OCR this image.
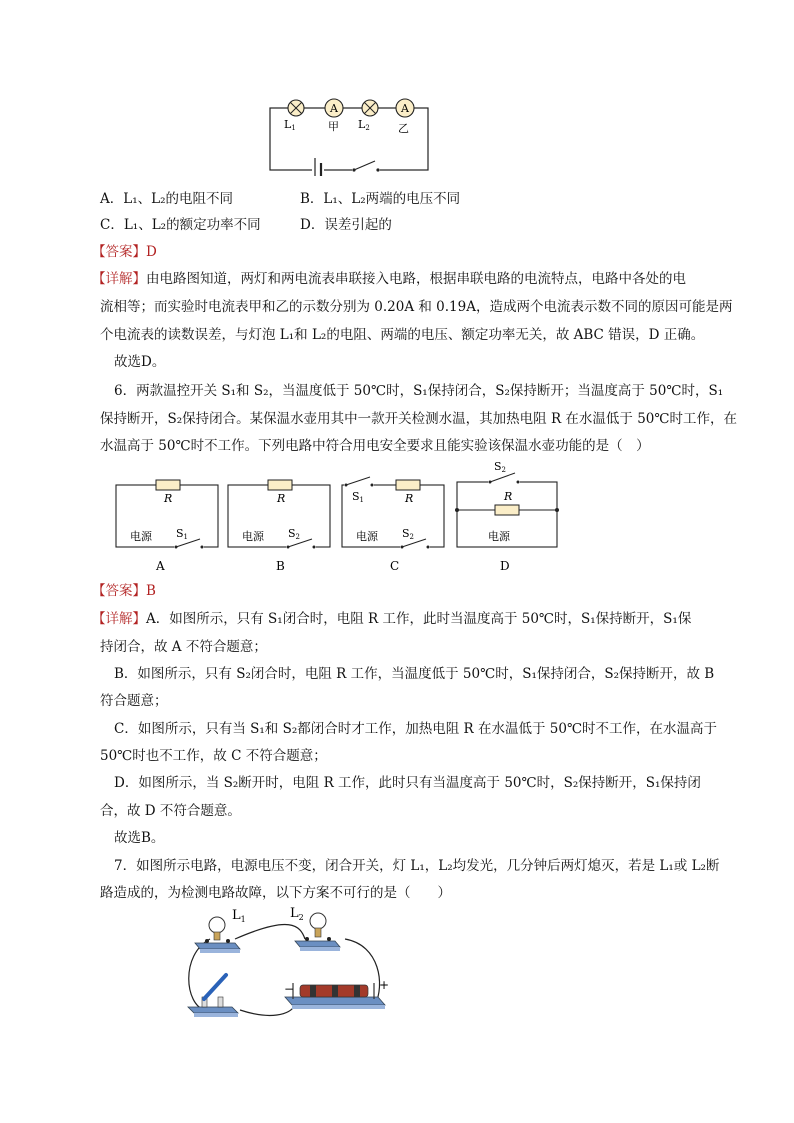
A	A
L1	甲 L2	乙
A．L₁、L₂的电阻不同	B．L₁、L₂两端的电压不同
C．L₁、L₂的额定功率不同	D．误差引起的
【答案】D
【详解】由电路图知道，两灯和两电流表串联接入电路，根据串联电路的电流特点，电路中各处的电
流相等；而实验时电流表甲和乙的示数分别为 0.20A 和 0.19A，造成两个电流表示数不同的原因可能是两
个电流表的读数误差，与灯泡 L₁和 L₂的电阻、两端的电压、额定功率无关，故 ABC 错误，D 正确。
故选D。
6．两款温控开关 S₁和 S₂，当温度低于 50℃时，S₁保持闭合，S₂保持断开；当温度高于 50℃时，S₁
保持断开，S₂保持闭合。某保温水壶用其中一款开关检测水温，其加热电阻 R 在水温低于 50℃时工作，在
水温高于 50℃时不工作。下列电路中符合用电安全要求且能实验该保温水壶功能的是（　）
R
电源 S1
A
R
电源 S2
B
S1	R
电源 S2
C
S2
R
电源
D
【答案】B
【详解】A．如图所示，只有 S₁闭合时，电阻 R 工作，此时当温度高于 50℃时，S₁保持断开，S₁保
持闭合，故 A 不符合题意；
B．如图所示，只有 S₂闭合时，电阻 R 工作，当温度低于 50℃时，S₁保持闭合，S₂保持断开，故 B
符合题意；
C．如图所示，只有当 S₁和 S₂都闭合时才工作，加热电阻 R 在水温低于 50℃时不工作，在水温高于
50℃时也不工作，故 C 不符合题意；
D．如图所示，当 S₂断开时，电阻 R 工作，此时只有当温度高于 50℃时，S₂保持断开，S₁保持闭
合，故 D 不符合题意。
故选B。
7．如图所示电路，电源电压不变，闭合开关，灯 L₁，L₂均发光，几分钟后两灯熄灭，若是 L₁或 L₂断
路造成的，为检测电路故障，以下方案不可行的是（　　）
$L_1$	$L_2$
−	+
